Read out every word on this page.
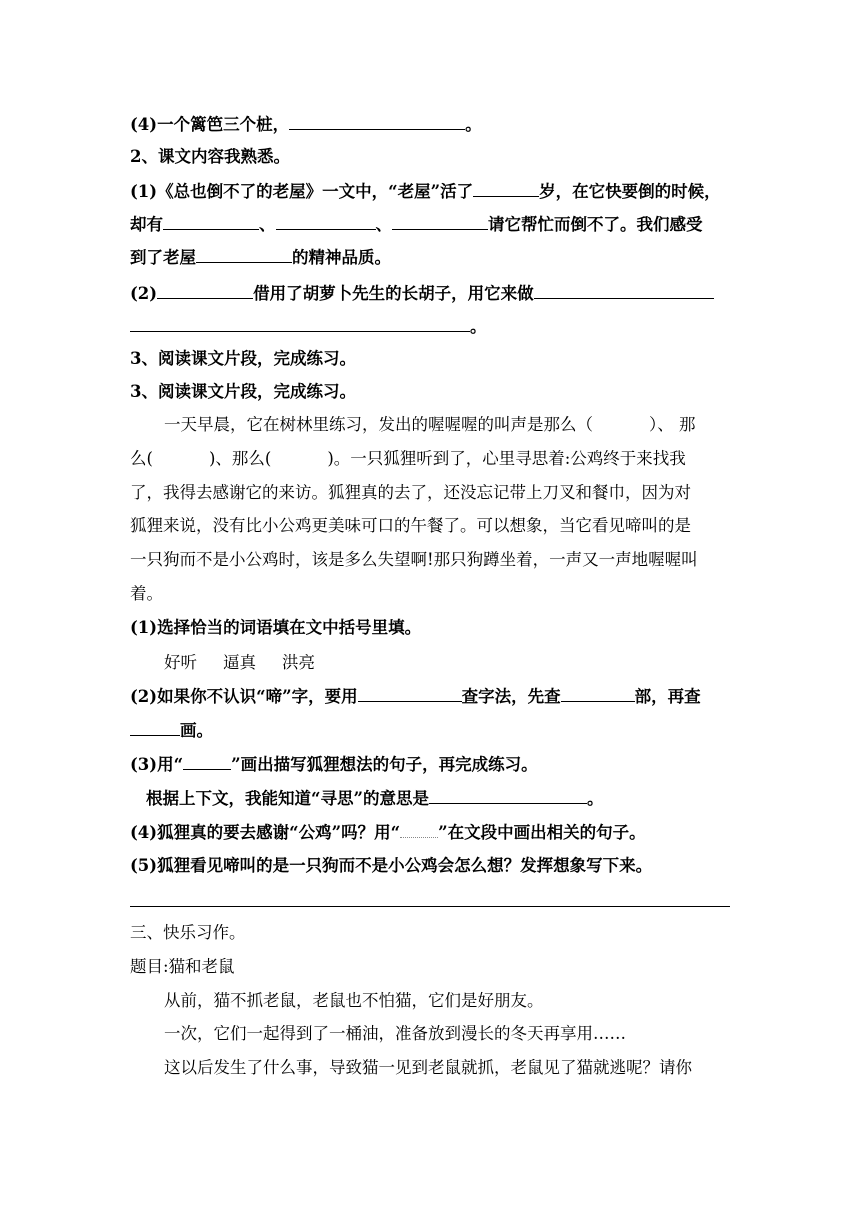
(4)一个篱笆三个桩，	。
2、课文内容我熟悉。
(1)《总也倒不了的老屋》一文中，“老屋”活了	岁，在它快要倒的时候，
却有	、	、	请它帮忙而倒不了。我们感受
到了老屋	的精神品质。
(2)	借用了胡萝卜先生的长胡子，用它来做
。
3、阅读课文片段，完成练习。
3、阅读课文片段，完成练习。
一天早晨，它在树林里练习，发出的喔喔喔的叫声是那么（	）、 那
么(	)、那么(	)。一只狐狸听到了，心里寻思着:公鸡终于来找我
了，我得去感谢它的来访。狐狸真的去了，还没忘记带上刀叉和餐巾，因为对
狐狸来说，没有比小公鸡更美味可口的午餐了。可以想象，当它看见啼叫的是
一只狗而不是小公鸡时，该是多么失望啊!那只狗蹲坐着，一声又一声地喔喔叫
着。
(1)选择恰当的词语填在文中括号里填。
好听 逼真 洪亮
(2)如果你不认识“啼”字，要用	查字法，先查	部，再查
画。
(3)用“	”画出描写狐狸想法的句子，再完成练习。
根据上下文，我能知道“寻思”的意思是	。
(4)狐狸真的要去感谢“公鸡”吗？用“ ”在文段中画出相关的句子。
(5)狐狸看见啼叫的是一只狗而不是小公鸡会怎么想？发挥想象写下来。
三、快乐习作。
题目:猫和老鼠
从前，猫不抓老鼠，老鼠也不怕猫，它们是好朋友。
一次，它们一起得到了一桶油，准备放到漫长的冬天再享用……
这以后发生了什么事，导致猫一见到老鼠就抓，老鼠见了猫就逃呢？请你
